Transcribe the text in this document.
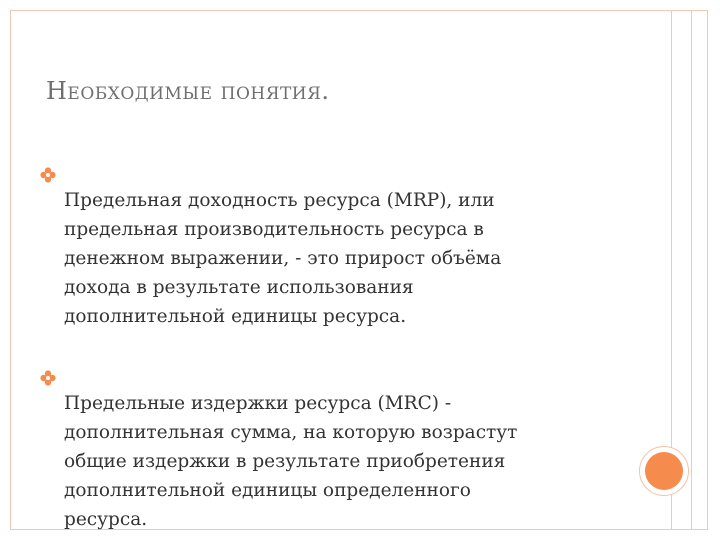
Необходимые понятия.

Предельная доходность ресурса (MRP), или
предельная производительность ресурса в
денежном выражении, - это прирост объёма
дохода в результате использования
дополнительной единицы ресурса.

Предельные издержки ресурса (MRC) -
дополнительная сумма, на которую возрастут
общие издержки в результате приобретения
дополнительной единицы определенного
ресурса.
